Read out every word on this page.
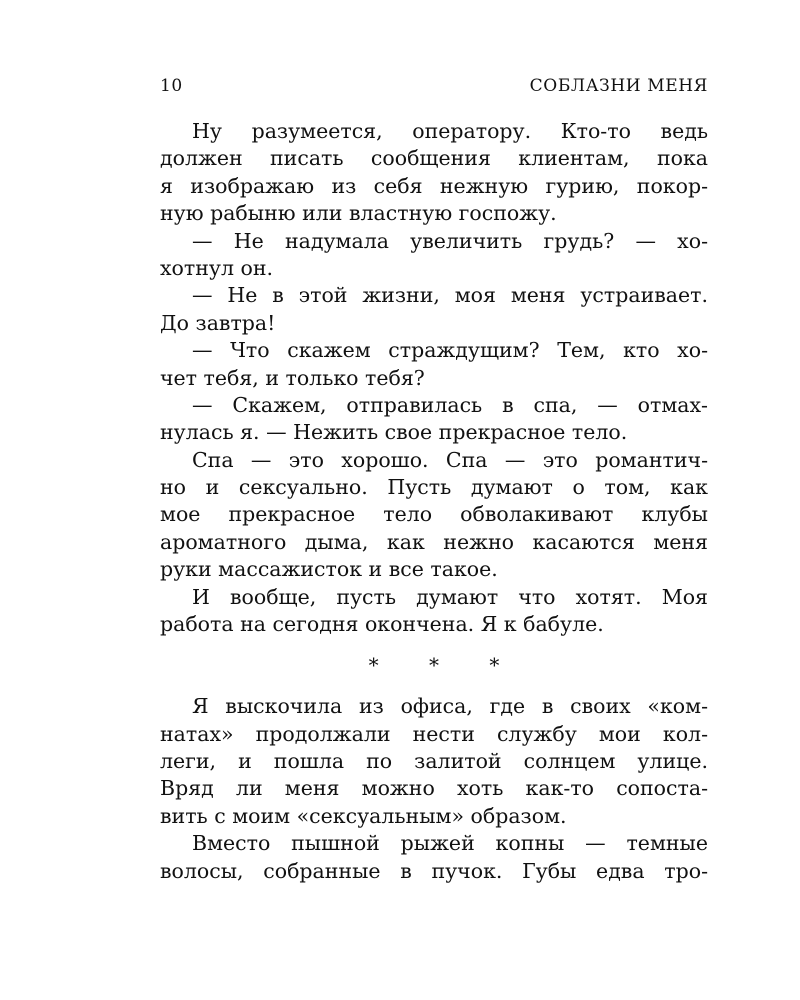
10	СОБЛАЗНИ МЕНЯ
Ну разумеется, оператору. Кто-то ведь
должен писать сообщения клиентам, пока
я изображаю из себя нежную гурию, покор-
ную рабыню или властную госпожу.
— Не надумала увеличить грудь? — хо-
хотнул он.
— Не в этой жизни, моя меня устраивает.
До завтра!
— Что скажем страждущим? Тем, кто хо-
чет тебя, и только тебя?
— Скажем, отправилась в спа, — отмах-
нулась я. — Нежить свое прекрасное тело.
Спа — это хорошо. Спа — это романтич-
но и сексуально. Пусть думают о том, как
мое прекрасное тело обволакивают клубы
ароматного дыма, как нежно касаются меня
руки массажисток и все такое.
И вообще, пусть думают что хотят. Моя
работа на сегодня окончена. Я к бабуле.
* * *
Я выскочила из офиса, где в своих «ком-
натах» продолжали нести службу мои кол-
леги, и пошла по залитой солнцем улице.
Вряд ли меня можно хоть как-то сопоста-
вить с моим «сексуальным» образом.
Вместо пышной рыжей копны — темные
волосы, собранные в пучок. Губы едва тро-
